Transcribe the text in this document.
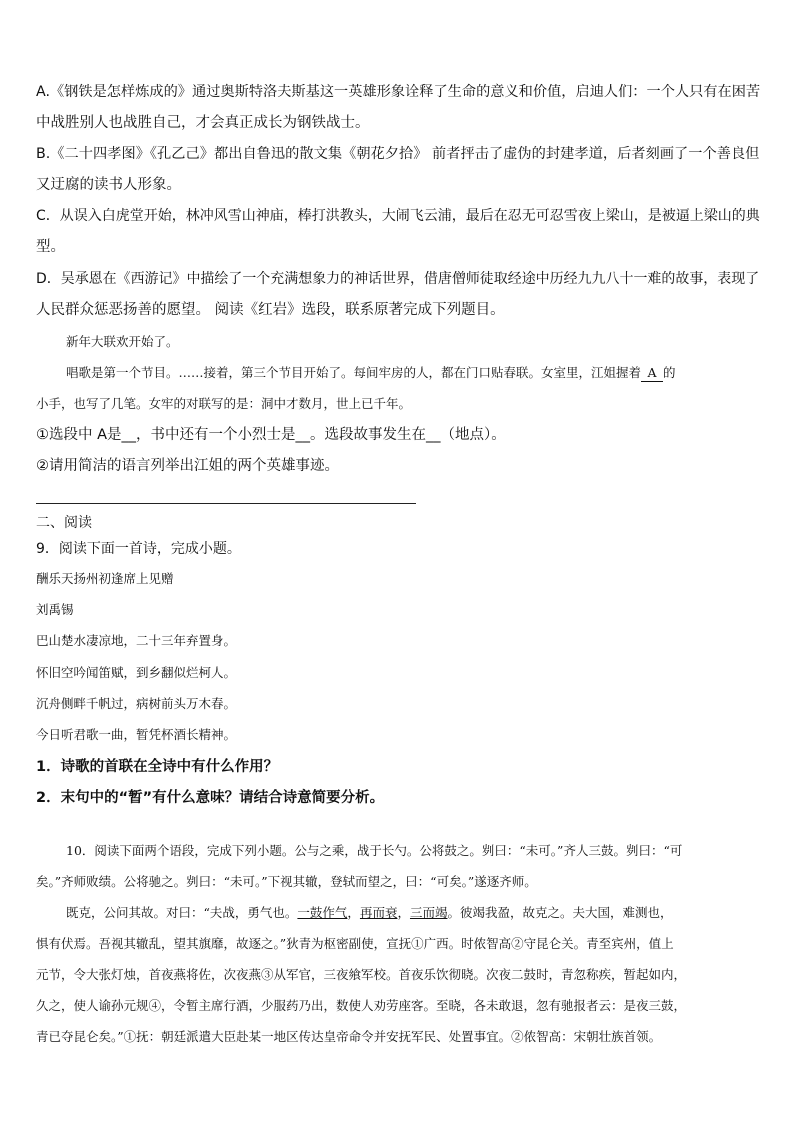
A.《钢铁是怎样炼成的》通过奥斯特洛夫斯基这一英雄形象诠释了生命的意义和价值，启迪人们：一个人只有在困苦
中战胜别人也战胜自己，才会真正成长为钢铁战士。
B.《二十四孝图》《孔乙己》都出自鲁迅的散文集《朝花夕拾》 前者抨击了虚伪的封建孝道，后者刻画了一个善良但
又迂腐的读书人形象。
C．从误入白虎堂开始，林冲风雪山神庙，棒打洪教头，大闹飞云浦，最后在忍无可忍雪夜上梁山，是被逼上梁山的典
型。
D．吴承恩在《西游记》中描绘了一个充满想象力的神话世界，借唐僧师徒取经途中历经九九八十一难的故事，表现了
人民群众惩恶扬善的愿望。 阅读《红岩》选段，联系原著完成下列题目。
新年大联欢开始了。
唱歌是第一个节目。……接着，第三个节目开始了。每间牢房的人，都在门口贴春联。女室里，江姐握着 A 的
小手，也写了几笔。女牢的对联写的是：洞中才数月，世上已千年。
①选段中 A是__，书中还有一个小烈士是__。选段故事发生在__（地点）。
②请用简洁的语言列举出江姐的两个英雄事迹。
二、阅读
9．阅读下面一首诗，完成小题。
酬乐天扬州初逢席上见赠
刘禹锡
巴山楚水凄凉地，二十三年弃置身。
怀旧空吟闻笛赋，到乡翻似烂柯人。
沉舟侧畔千帆过，病树前头万木春。
今日听君歌一曲，暂凭杯酒长精神。
1．诗歌的首联在全诗中有什么作用？
2．末句中的“暂”有什么意味？请结合诗意简要分析。
10．阅读下面两个语段，完成下列小题。公与之乘，战于长勺。公将鼓之。刿曰：“未可。”齐人三鼓。刿曰：“可
矣。”齐师败绩。公将驰之。刿曰：“未可。”下视其辙，登轼而望之，曰：“可矣。”遂逐齐师。
既克，公问其故。对曰：“夫战，勇气也。一鼓作气，再而衰，三而竭。彼竭我盈，故克之。夫大国，难测也，
惧有伏焉。吾视其辙乱，望其旗靡，故逐之。”狄青为枢密副使，宣抚①广西。时侬智高②守昆仑关。青至宾州，值上
元节，令大张灯烛，首夜燕将佐，次夜燕③从军官，三夜飨军校。首夜乐饮彻晓。次夜二鼓时，青忽称疾，暂起如内，
久之，使人谕孙元规④，令暂主席行酒，少服药乃出，数使人劝劳座客。至晓，各未敢退，忽有驰报者云：是夜三鼓，
青已夺昆仑矣。”①抚：朝廷派遣大臣赴某一地区传达皇帝命令并安抚军民、处置事宜。②侬智高：宋朝壮族首领。
